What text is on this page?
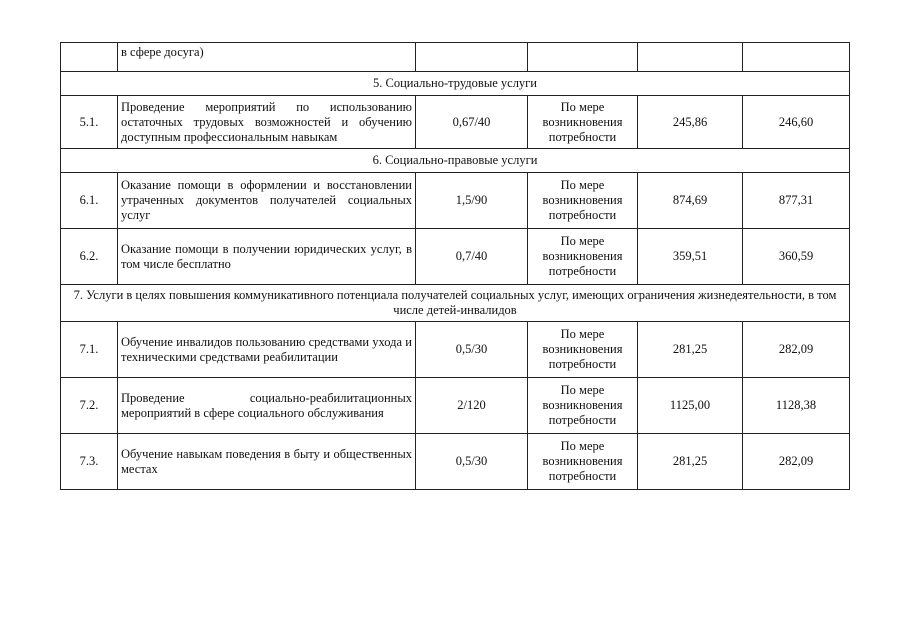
	в сфере досуга)				
5. Социально-трудовые услуги					
5.1.	Проведение мероприятий по использованию остаточных трудовых возможностей и обучению доступным профессиональным навыкам	0,67/40	По мере возникновения потребности	245,86	246,60
6. Социально-правовые услуги					
6.1.	Оказание помощи в оформлении и восстановлении утраченных документов получателей социальных услуг	1,5/90	По мере возникновения потребности	874,69	877,31
6.2.	Оказание помощи в получении юридических услуг, в том числе бесплатно	0,7/40	По мере возникновения потребности	359,51	360,59
7. Услуги в целях повышения коммуникативного потенциала получателей социальных услуг, имеющих ограничения жизнедеятельности, в том числе детей-инвалидов					
7.1.	Обучение инвалидов пользованию средствами ухода и техническими средствами реабилитации	0,5/30	По мере возникновения потребности	281,25	282,09
7.2.	Проведение социально-реабилитационных мероприятий в сфере социального обслуживания	2/120	По мере возникновения потребности	1125,00	1128,38
7.3.	Обучение навыкам поведения в быту и общественных местах	0,5/30	По мере возникновения потребности	281,25	282,09
